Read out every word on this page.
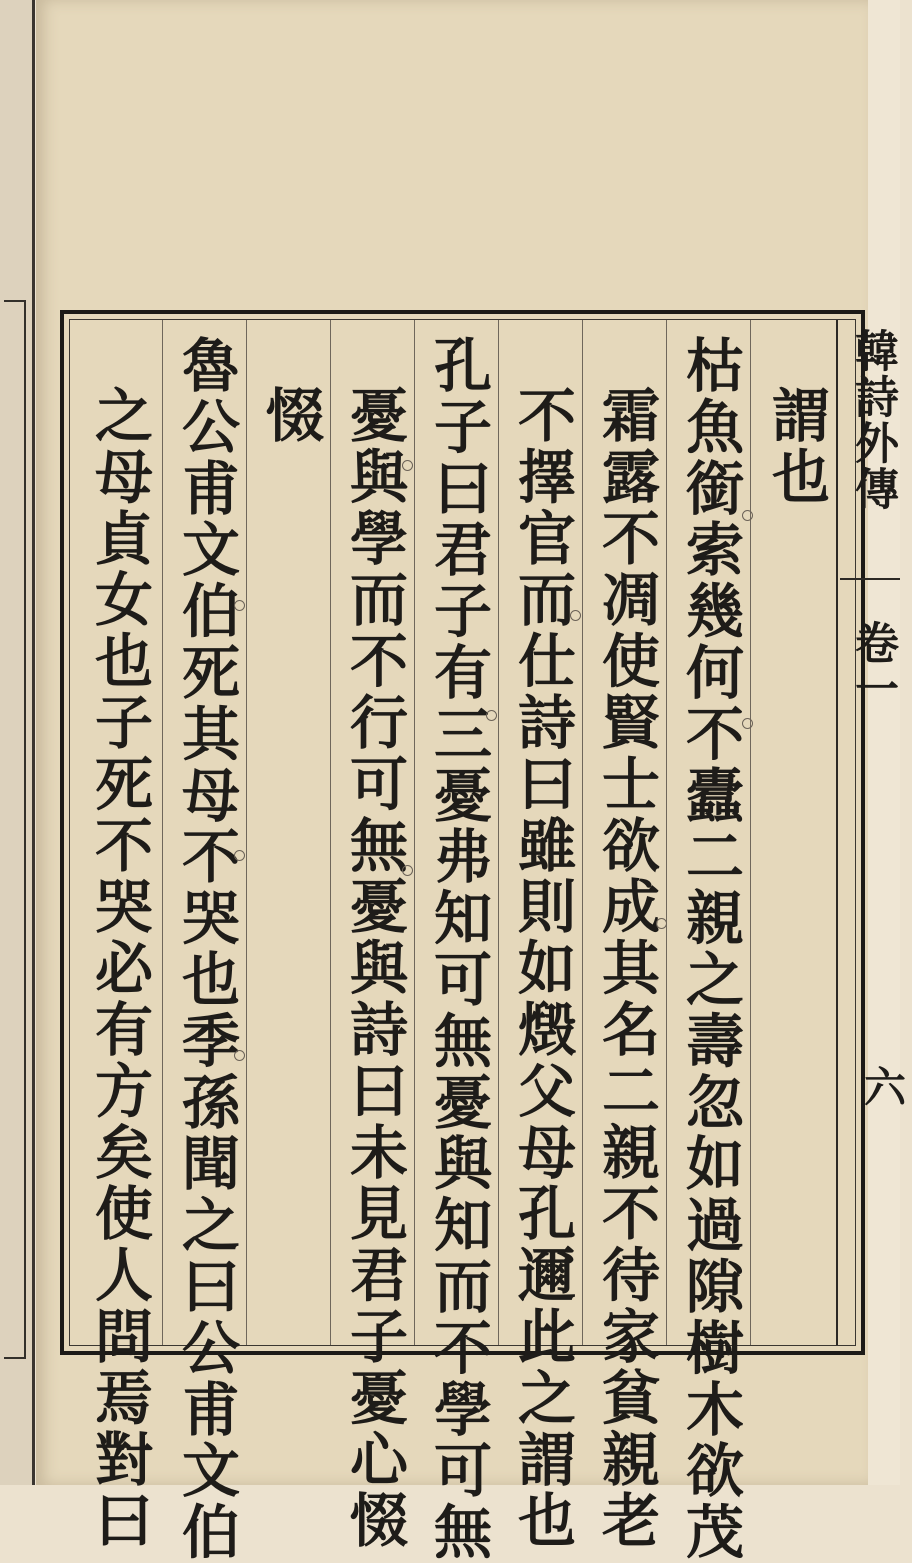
韓詩外傳
卷一
六
謂也
枯魚銜索幾何不蠹二親之壽忽如過隙樹木欲茂
霜露不凋使賢士欲成其名二親不待家貧親老
不擇官而仕詩曰雖則如燬父母孔邇此之謂也
孔子曰君子有三憂弗知可無憂與知而不學可無
憂與學而不行可無憂與詩曰未見君子憂心惙
惙
魯公甫文伯死其母不哭也季孫聞之曰公甫文伯
之母貞女也子死不哭必有方矣使人問焉對曰
